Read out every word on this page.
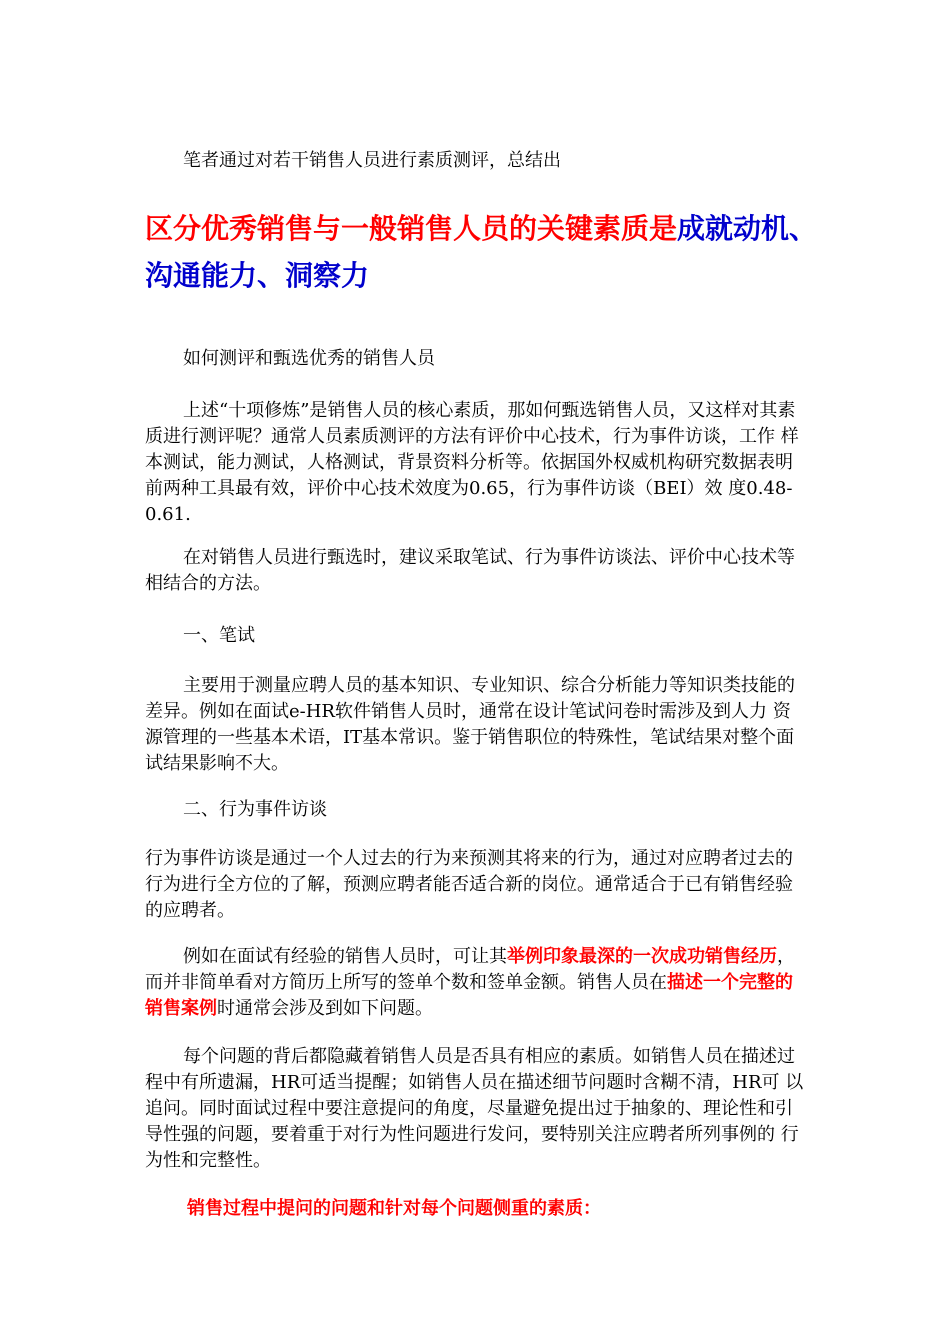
笔者通过对若干销售人员进行素质测评，总结出

区分优秀销售与一般销售人员的关键素质是成就动机、沟通能力、洞察力

如何测评和甄选优秀的销售人员

上述“十项修炼”是销售人员的核心素质，那如何甄选销售人员，又这样对其素质进行测评呢？通常人员素质测评的方法有评价中心技术，行为事件访谈，工作 样本测试，能力测试，人格测试，背景资料分析等。依据国外权威机构研究数据表明前两种工具最有效，评价中心技术效度为0.65，行为事件访谈（BEI）效 度0.48-0.61.

在对销售人员进行甄选时，建议采取笔试、行为事件访谈法、评价中心技术等相结合的方法。

一、笔试

主要用于测量应聘人员的基本知识、专业知识、综合分析能力等知识类技能的差异。例如在面试e-HR软件销售人员时，通常在设计笔试问卷时需涉及到人力 资源管理的一些基本术语，IT基本常识。鉴于销售职位的特殊性，笔试结果对整个面试结果影响不大。

二、行为事件访谈

行为事件访谈是通过一个人过去的行为来预测其将来的行为，通过对应聘者过去的行为进行全方位的了解，预测应聘者能否适合新的岗位。通常适合于已有销售经验的应聘者。

例如在面试有经验的销售人员时，可让其举例印象最深的一次成功销售经历，而并非简单看对方简历上所写的签单个数和签单金额。销售人员在描述一个完整的销售案例时通常会涉及到如下问题。

每个问题的背后都隐藏着销售人员是否具有相应的素质。如销售人员在描述过程中有所遗漏，HR可适当提醒；如销售人员在描述细节问题时含糊不清，HR可 以追问。同时面试过程中要注意提问的角度，尽量避免提出过于抽象的、理论性和引导性强的问题，要着重于对行为性问题进行发问，要特别关注应聘者所列事例的 行为性和完整性。

销售过程中提问的问题和针对每个问题侧重的素质：
